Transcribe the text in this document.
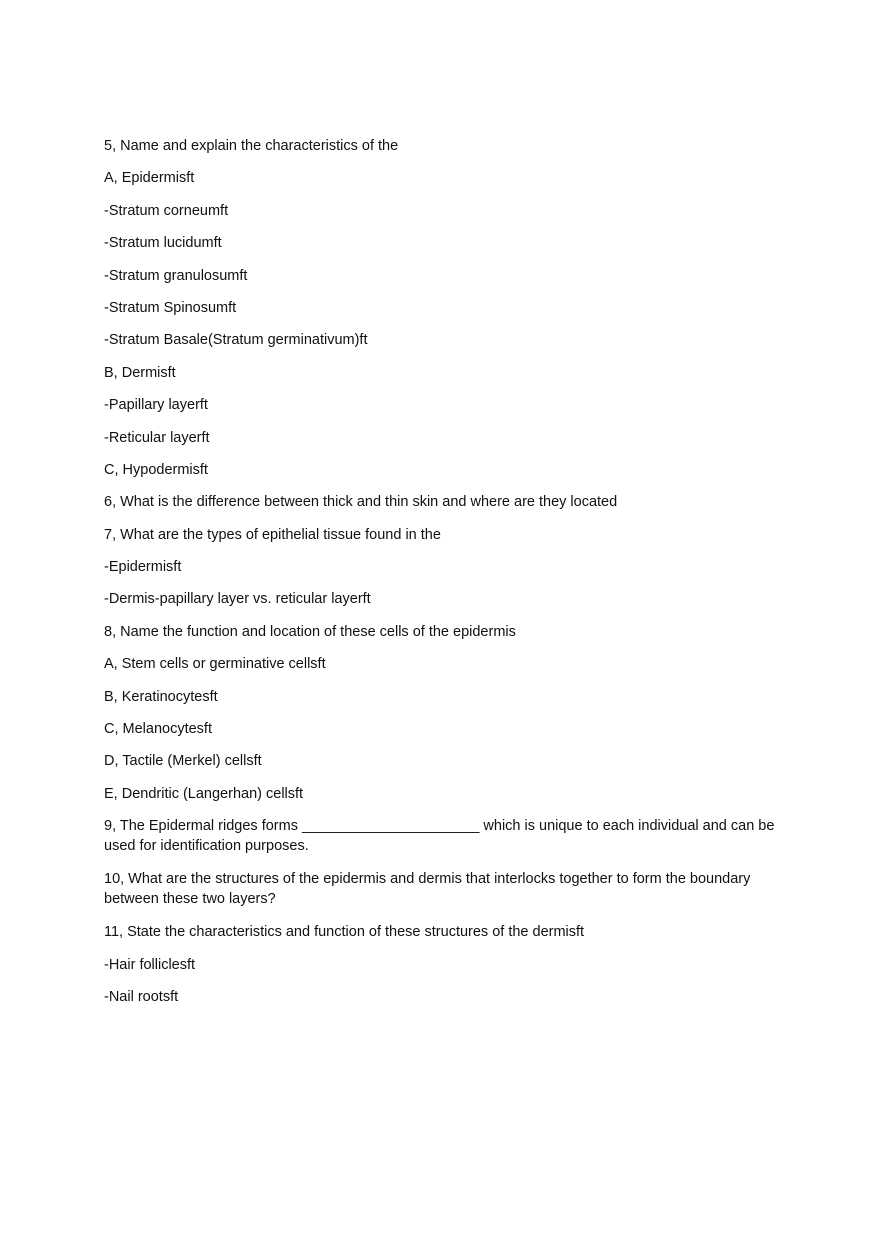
5, Name and explain the characteristics of the

A, Epidermisft

-Stratum corneumft

-Stratum lucidumft

-Stratum granulosumft

-Stratum Spinosumft

-Stratum Basale(Stratum germinativum)ft

B, Dermisft

-Papillary layerft

-Reticular layerft

C, Hypodermisft

6, What is the difference between thick and thin skin and where are they located

7, What are the types of epithelial tissue found in the

-Epidermisft

-Dermis-papillary layer vs. reticular layerft

8, Name the function and location of these cells of the epidermis

A, Stem cells or germinative cellsft

B, Keratinocytesft

C, Melanocytesft

D, Tactile (Merkel) cellsft

E, Dendritic (Langerhan) cellsft

9, The Epidermal ridges forms ______________________ which is unique to each individual and can be used for identification purposes.

10, What are the structures of the epidermis and dermis that interlocks together to form the boundary between these two layers?

11, State the characteristics and function of these structures of the dermisft

-Hair folliclesft

-Nail rootsft
